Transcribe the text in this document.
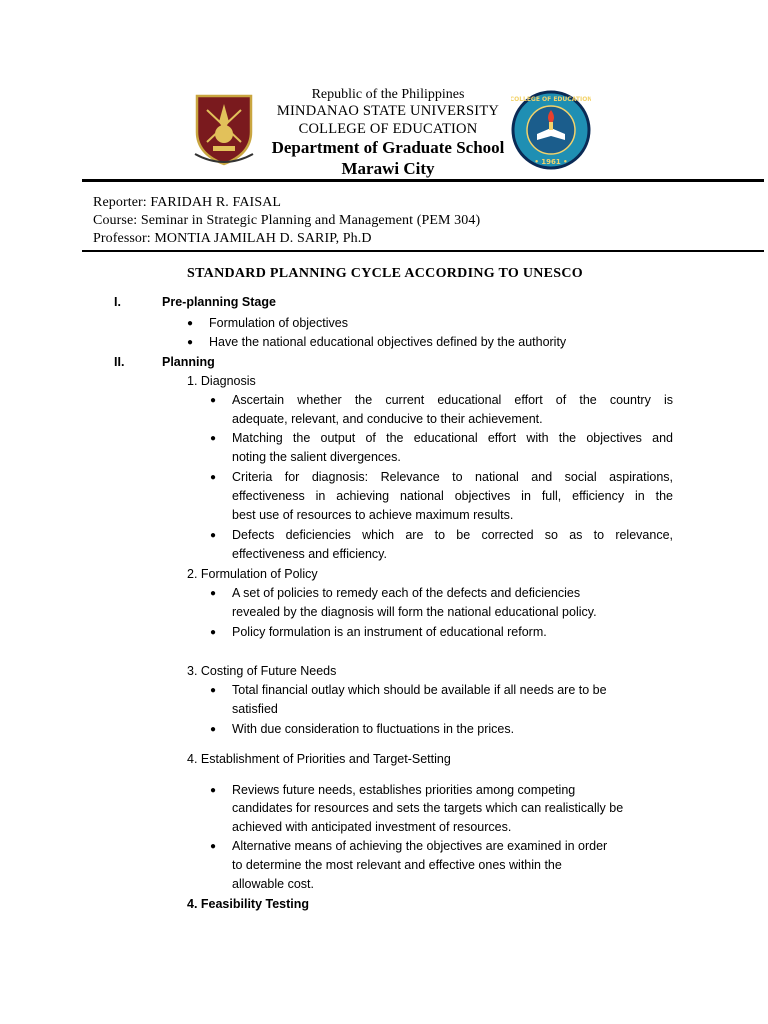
COLLEGE OF EDUCATION
• 1961 •
Republic of the Philippines
MINDANAO STATE UNIVERSITY
COLLEGE OF EDUCATION
Department of Graduate School
Marawi City
Reporter: FARIDAH R. FAISAL
Course: Seminar in Strategic Planning and Management (PEM 304)
Professor: MONTIA JAMILAH D. SARIP, Ph.D
STANDARD PLANNING CYCLE ACCORDING TO UNESCO
I.	Pre-planning Stage
● Formulation of objectives
● Have the national educational objectives defined by the authority
II.	Planning
1. Diagnosis
● Ascertain whether the current educational effort of the country is
adequate, relevant, and conducive to their achievement.
● Matching the output of the educational effort with the objectives and
noting the salient divergences.
● Criteria for diagnosis: Relevance to national and social aspirations,
effectiveness in achieving national objectives in full, efficiency in the
best use of resources to achieve maximum results.
● Defects deficiencies which are to be corrected so as to relevance,
effectiveness and efficiency.
2. Formulation of Policy
● A set of policies to remedy each of the defects and deficiencies
revealed by the diagnosis will form the national educational policy.
● Policy formulation is an instrument of educational reform.
3. Costing of Future Needs
● Total financial outlay which should be available if all needs are to be
satisfied
● With due consideration to fluctuations in the prices.
4. Establishment of Priorities and Target-Setting
● Reviews future needs, establishes priorities among competing
candidates for resources and sets the targets which can realistically be
achieved with anticipated investment of resources.
● Alternative means of achieving the objectives are examined in order
to determine the most relevant and effective ones within the
allowable cost.
4. Feasibility Testing
